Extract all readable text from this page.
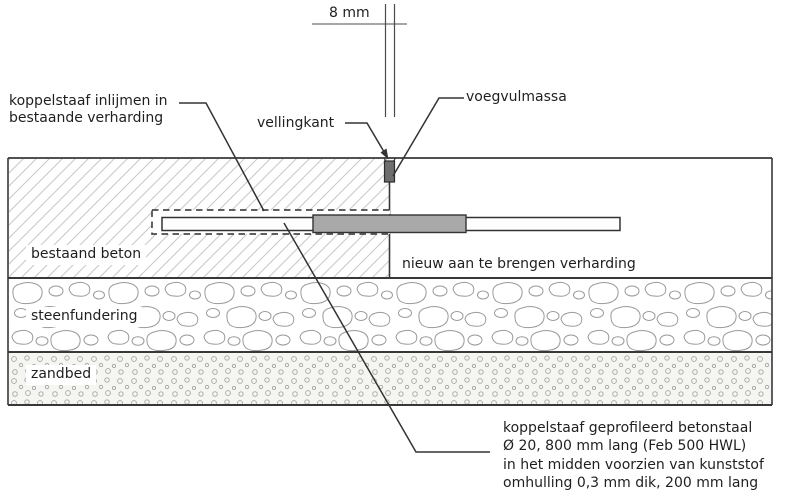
koppelstaaf inlijmen in
bestaande verharding
8 mm
vellingkant
voegvulmassa
bestaand beton
nieuw aan te brengen verharding
steenfundering
zandbed
koppelstaaf geprofileerd betonstaal
Ø 20, 800 mm lang (Feb 500 HWL)
in het midden voorzien van kunststof
omhulling 0,3 mm dik, 200 mm lang
